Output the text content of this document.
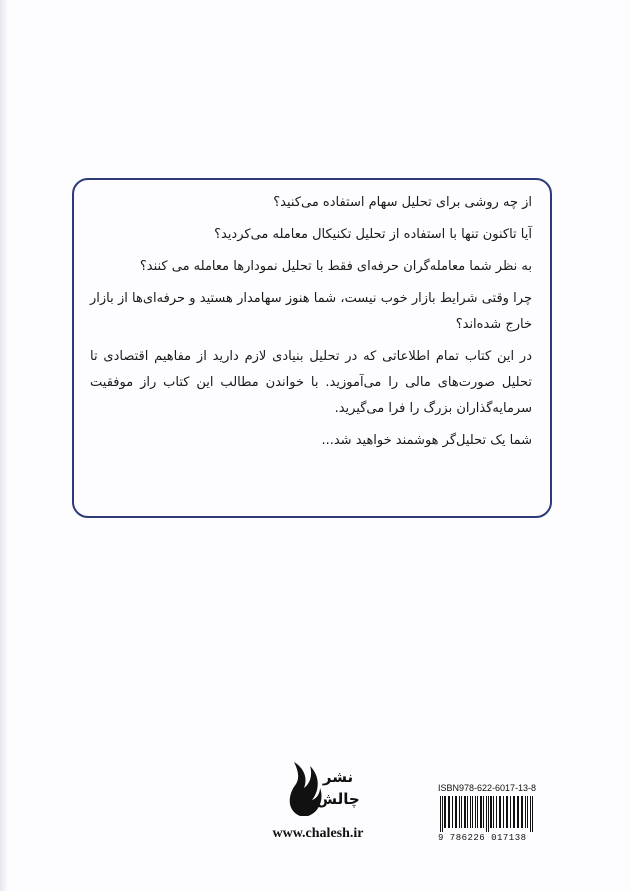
از چه روشی برای تحلیل سهام استفاده می‌کنید؟

آیا تاکنون تنها با استفاده از تحلیل تکنیکال معامله می‌کردید؟

به نظر شما معامله‌گران حرفه‌ای فقط با تحلیل نمودارها معامله می کنند؟

چرا وقتی شرایط بازار خوب نیست، شما هنوز سهامدار هستید و حرفه‌ای‌ها از بازار خارج شده‌اند؟

در این کتاب تمام اطلاعاتی که در تحلیل بنیادی لازم دارید از مفاهیم اقتصادی تا تحلیل صورت‌های مالی را می‌آموزید. با خواندن مطالب این کتاب راز موفقیت سرمایه‌گذاران بزرگ را فرا می‌گیرید.

شما یک تحلیل‌گر هوشمند خواهید شد...

نشر
چالش
www.chalesh.ir
ISBN978-622-6017-13-8
9 786226 017138
